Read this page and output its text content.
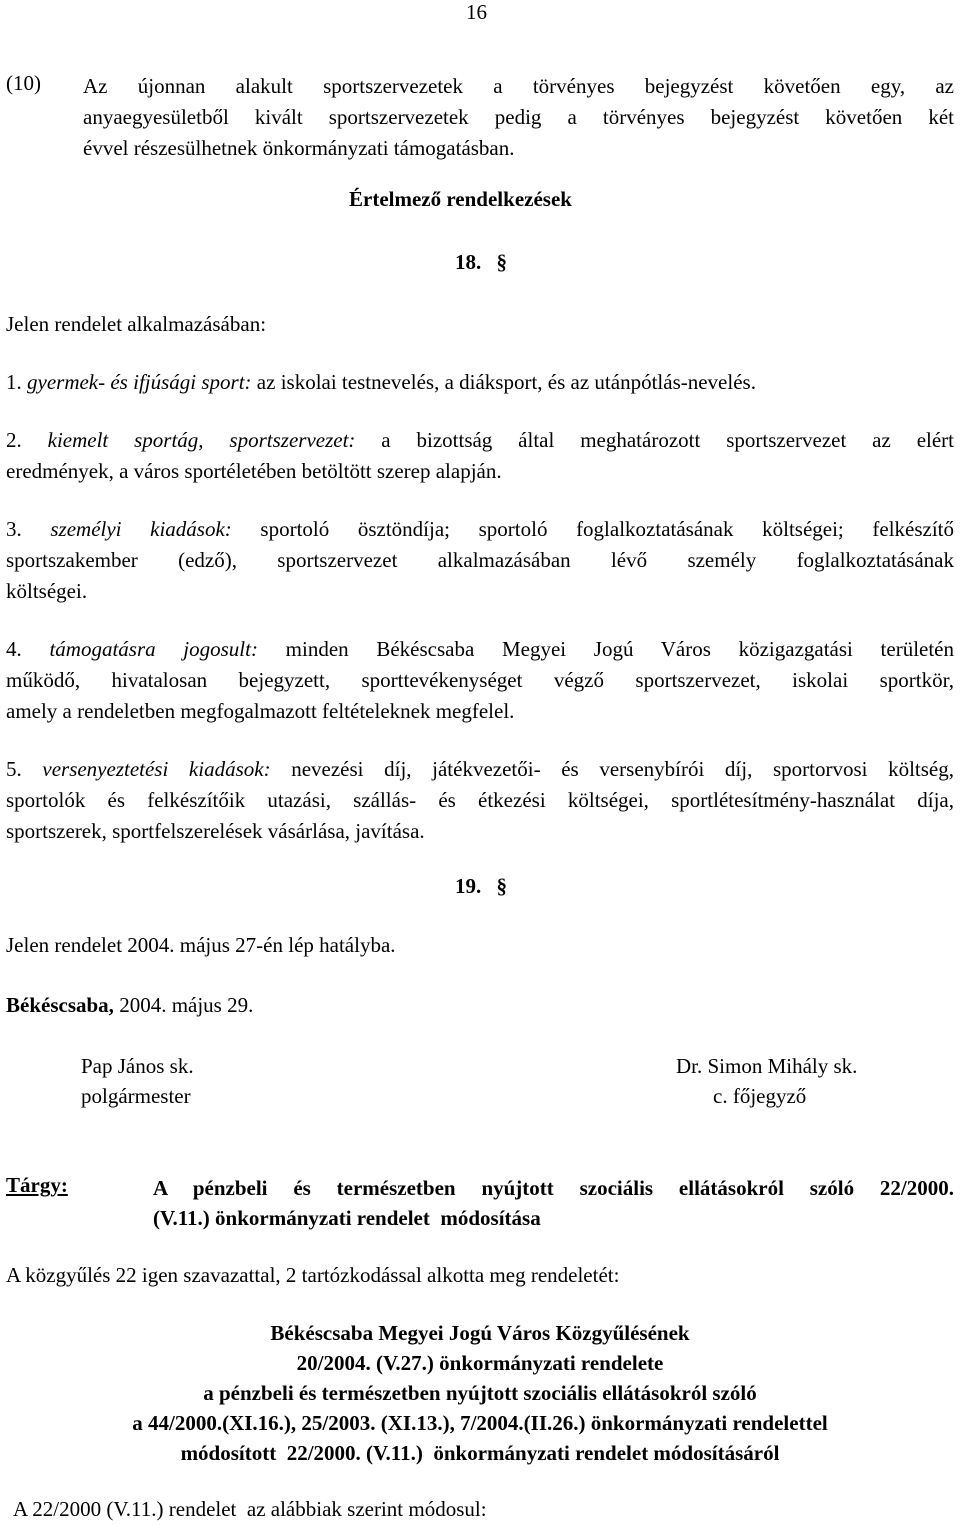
16
(10) Az újonnan alakult sportszervezetek a törvényes bejegyzést követően egy, az
anyaegyesületből kivált sportszervezetek pedig a törvényes bejegyzést követően két
évvel részesülhetnek önkormányzati támogatásban.
Értelmező rendelkezések
18. §
Jelen rendelet alkalmazásában:
1. gyermek- és ifjúsági sport: az iskolai testnevelés, a diáksport, és az utánpótlás-nevelés.
2. kiemelt sportág, sportszervezet: a bizottság által meghatározott sportszervezet az elért
eredmények, a város sportéletében betöltött szerep alapján.
3. személyi kiadások: sportoló ösztöndíja; sportoló foglalkoztatásának költségei; felkészítő
sportszakember (edző), sportszervezet alkalmazásában lévő személy foglalkoztatásának
költségei.
4. támogatásra jogosult: minden Békéscsaba Megyei Jogú Város közigazgatási területén
működő, hivatalosan bejegyzett, sporttevékenységet végző sportszervezet, iskolai sportkör,
amely a rendeletben megfogalmazott feltételeknek megfelel.
5. versenyeztetési kiadások: nevezési díj, játékvezetői- és versenybírói díj, sportorvosi költség,
sportolók és felkészítőik utazási, szállás- és étkezési költségei, sportlétesítmény-használat díja,
sportszerek, sportfelszerelések vásárlása, javítása.
19. §
Jelen rendelet 2004. május 27-én lép hatályba.
Békéscsaba, 2004. május 29.
Pap János sk.
polgármester
Dr. Simon Mihály sk.
c. főjegyző
Tárgy:	A pénzbeli és természetben nyújtott szociális ellátásokról szóló 22/2000.
(V.11.) önkormányzati rendelet  módosítása
A közgyűlés 22 igen szavazattal, 2 tartózkodással alkotta meg rendeletét:
Békéscsaba Megyei Jogú Város Közgyűlésének
20/2004. (V.27.) önkormányzati rendelete
a pénzbeli és természetben nyújtott szociális ellátásokról szóló
a 44/2000.(XI.16.), 25/2003. (XI.13.), 7/2004.(II.26.) önkormányzati rendelettel
módosított  22/2000. (V.11.)  önkormányzati rendelet módosításáról
A 22/2000 (V.11.) rendelet  az alábbiak szerint módosul:
